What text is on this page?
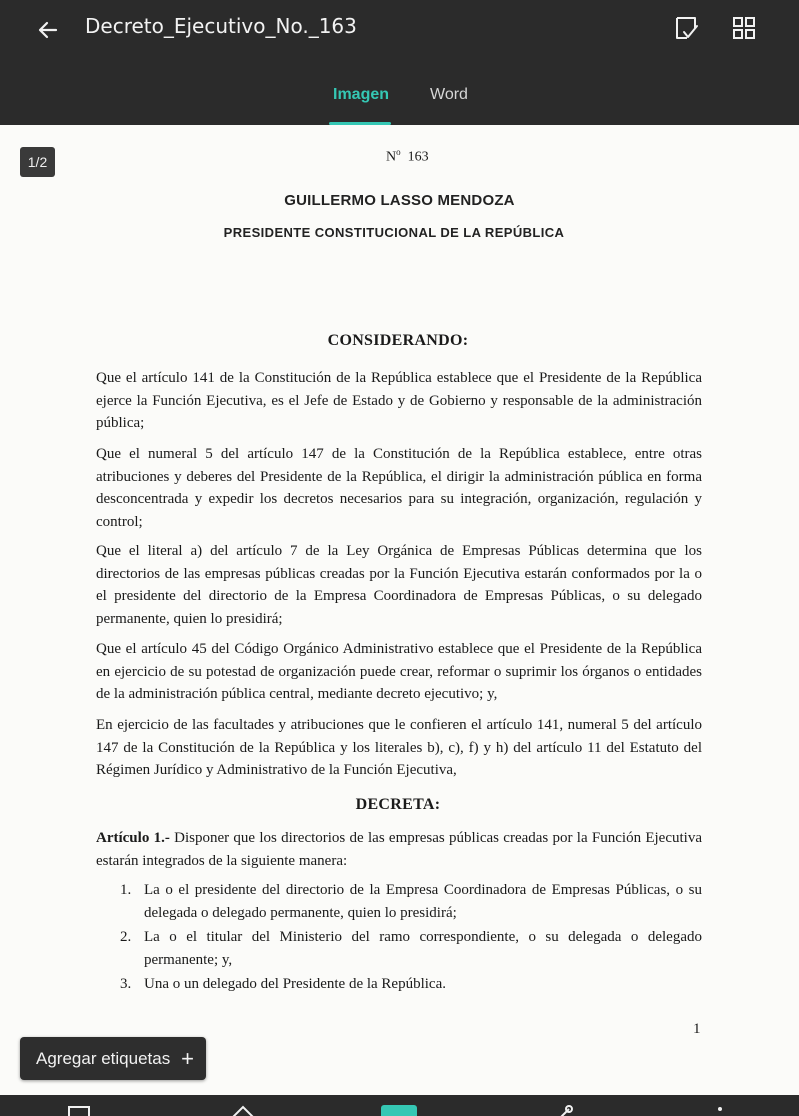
Decreto_Ejecutivo_No._163
Imagen	Word
$N^o$ 163
GUILLERMO LASSO MENDOZA
PRESIDENTE CONSTITUCIONAL DE LA REPÚBLICA
CONSIDERANDO:

Que el artículo 141 de la Constitución de la República establece que el Presidente de la República ejerce la Función Ejecutiva, es el Jefe de Estado y de Gobierno y responsable de la administración pública;

Que el numeral 5 del artículo 147 de la Constitución de la República establece, entre otras atribuciones y deberes del Presidente de la República, el dirigir la administración pública en forma desconcentrada y expedir los decretos necesarios para su integración, organización, regulación y control;

Que el literal a) del artículo 7 de la Ley Orgánica de Empresas Públicas determina que los directorios de las empresas públicas creadas por la Función Ejecutiva estarán conformados por la o el presidente del directorio de la Empresa Coordinadora de Empresas Públicas, o su delegado permanente, quien lo presidirá;

Que el artículo 45 del Código Orgánico Administrativo establece que el Presidente de la República en ejercicio de su potestad de organización puede crear, reformar o suprimir los órganos o entidades de la administración pública central, mediante decreto ejecutivo; y,

En ejercicio de las facultades y atribuciones que le confieren el artículo 141, numeral 5 del artículo 147 de la Constitución de la República y los literales b), c), f) y h) del artículo 11 del Estatuto del Régimen Jurídico y Administrativo de la Función Ejecutiva,

DECRETA:

Artículo 1.- Disponer que los directorios de las empresas públicas creadas por la Función Ejecutiva estarán integrados de la siguiente manera:

1. La o el presidente del directorio de la Empresa Coordinadora de Empresas Públicas, o su delegada o delegado permanente, quien lo presidirá;
2. La o el titular del Ministerio del ramo correspondiente, o su delegada o delegado permanente; y,
3. Una o un delegado del Presidente de la República.
1
1/2
Agregar etiquetas +
